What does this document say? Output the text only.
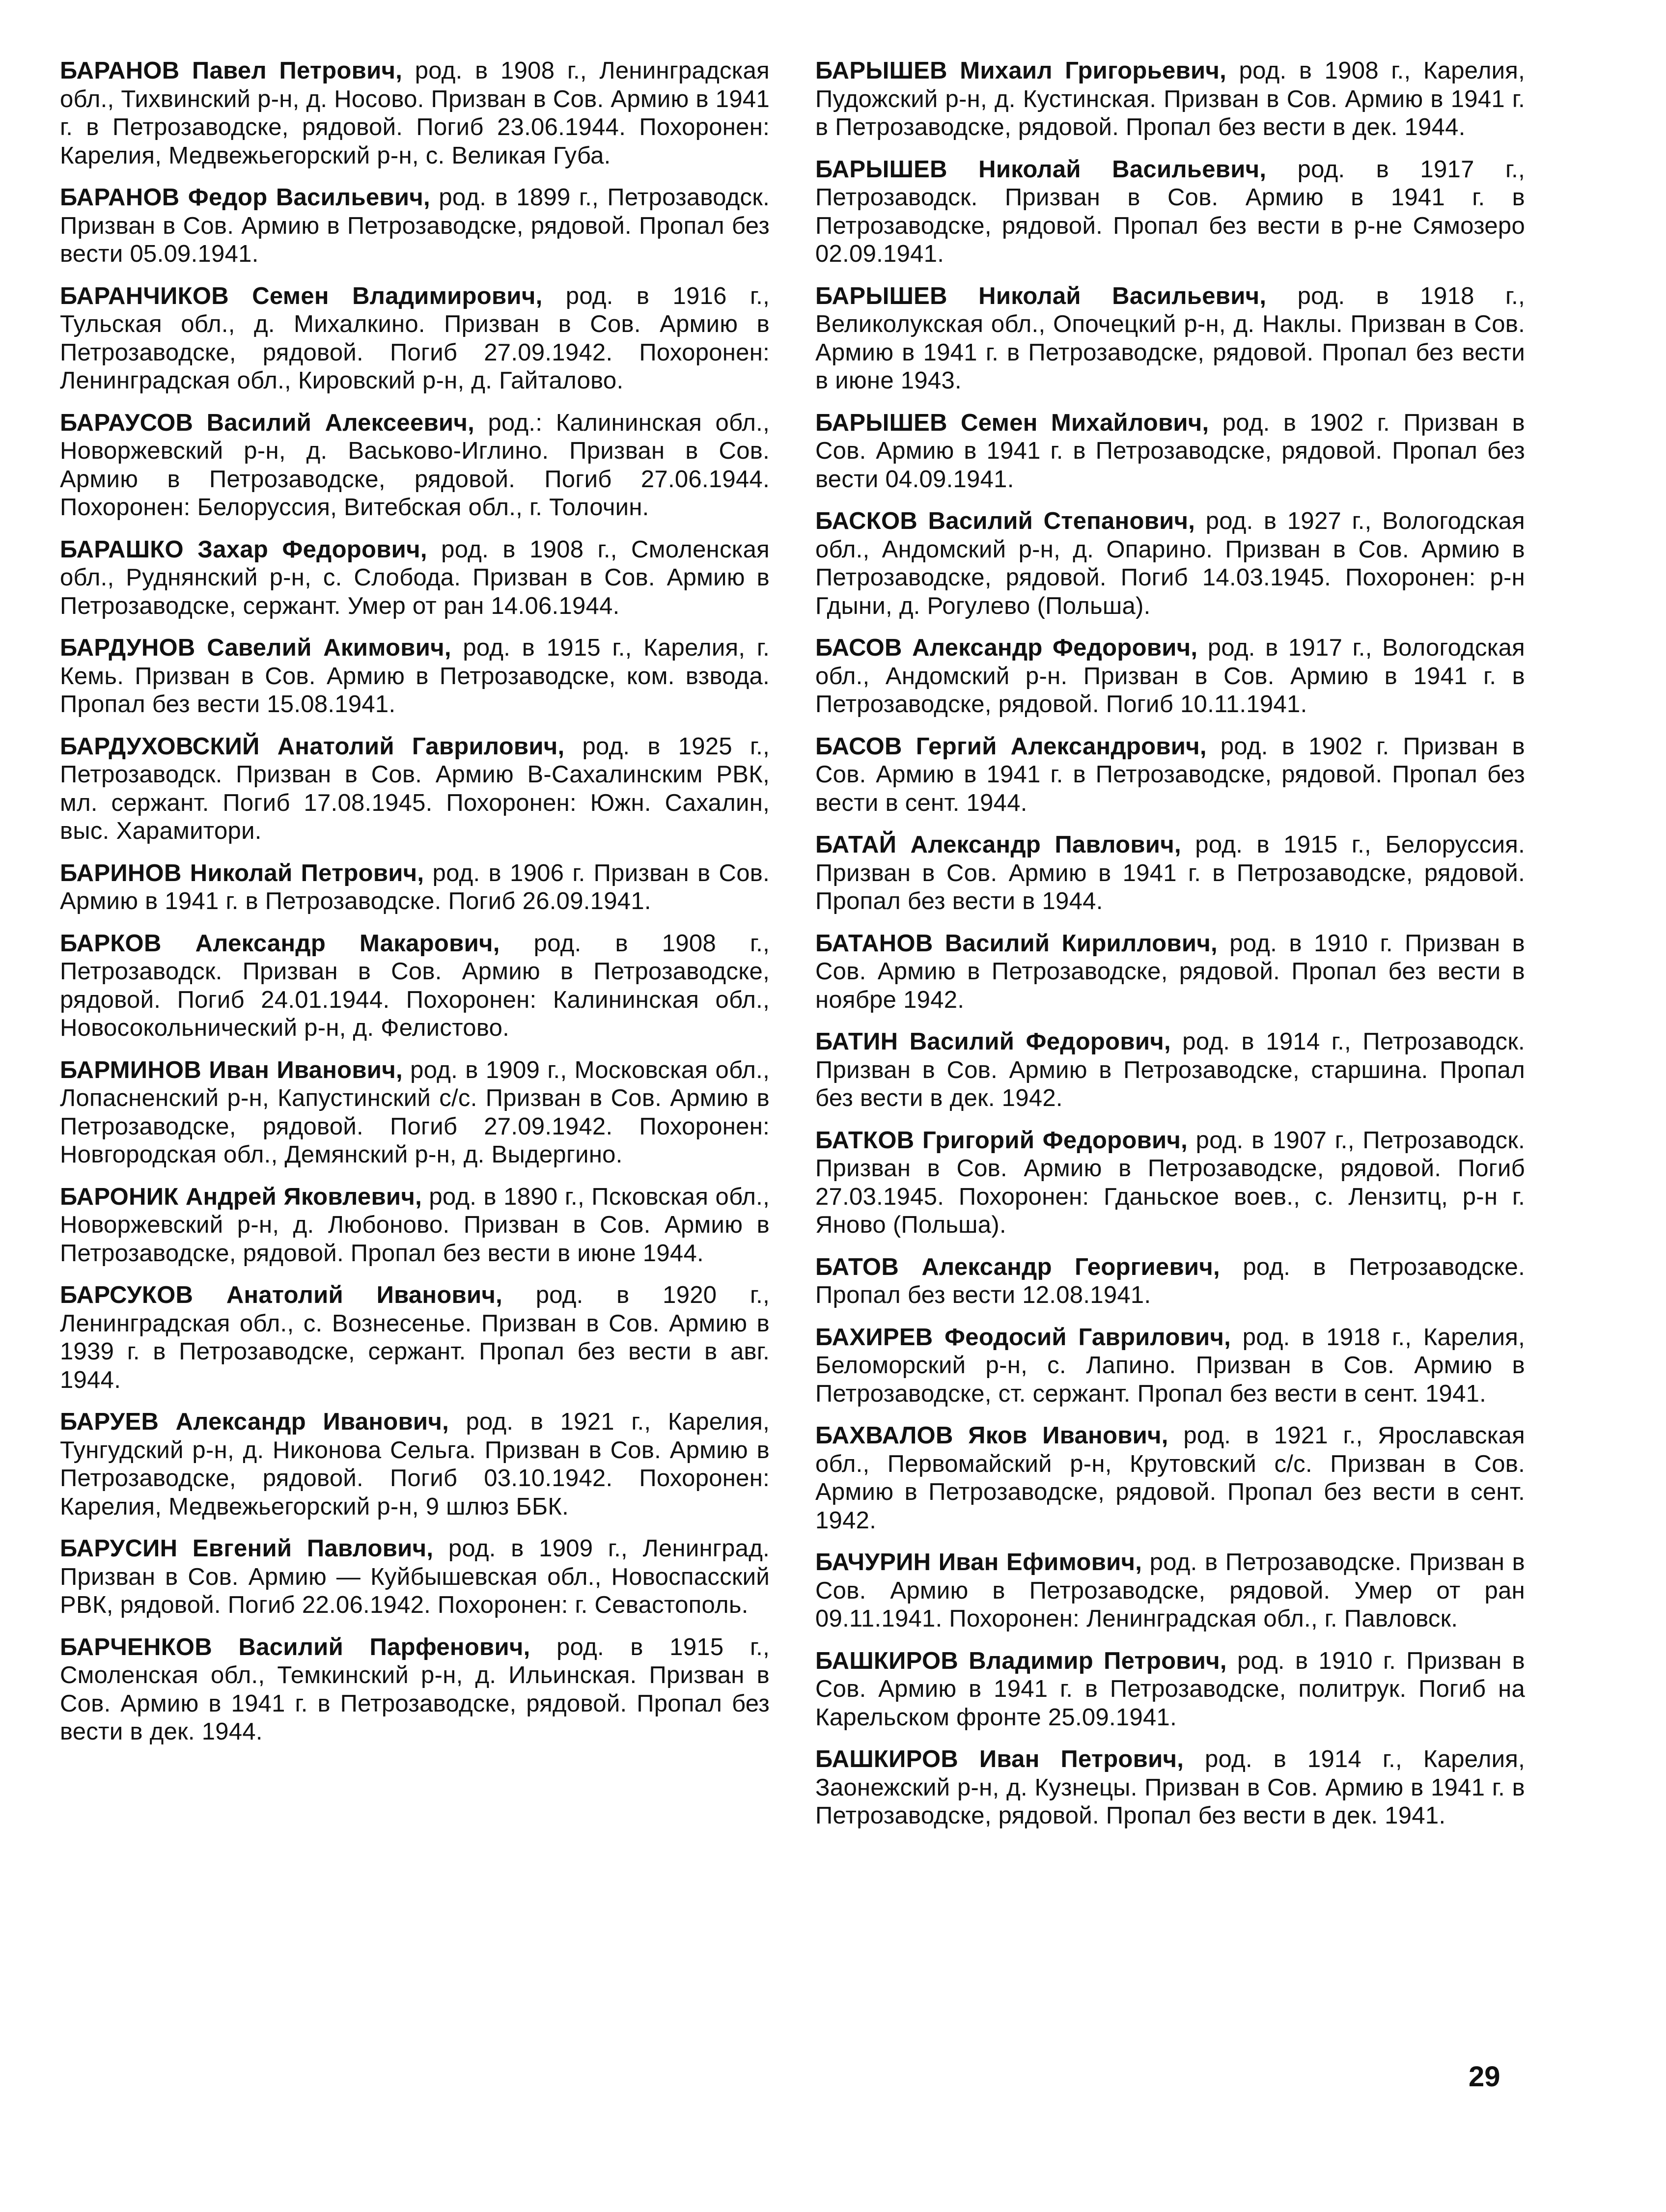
БАРАНОВ Павел Петрович, род. в 1908 г., Ленинградская обл., Тихвинский р-н, д. Носово. Призван в Сов. Армию в 1941 г. в Петрозаводске, рядовой. Погиб 23.06.1944. Похоронен: Карелия, Медвежьегорский р-н, с. Великая Губа.

БАРАНОВ Федор Васильевич, род. в 1899 г., Петрозаводск. Призван в Сов. Армию в Петрозаводске, рядовой. Пропал без вести 05.09.1941.

БАРАНЧИКОВ Семен Владимирович, род. в 1916 г., Тульская обл., д. Михалкино. Призван в Сов. Армию в Петрозаводске, рядовой. Погиб 27.09.1942. Похоронен: Ленинградская обл., Кировский р-н, д. Гайталово.

БАРАУСОВ Василий Алексеевич, род.: Калининская обл., Новоржевский р-н, д. Васьково-Иглино. Призван в Сов. Армию в Петрозаводске, рядовой. Погиб 27.06.1944. Похоронен: Белоруссия, Витебская обл., г. Толочин.

БАРАШКО Захар Федорович, род. в 1908 г., Смоленская обл., Руднянский р-н, с. Слобода. Призван в Сов. Армию в Петрозаводске, сержант. Умер от ран 14.06.1944.

БАРДУНОВ Савелий Акимович, род. в 1915 г., Карелия, г. Кемь. Призван в Сов. Армию в Петрозаводске, ком. взвода. Пропал без вести 15.08.1941.

БАРДУХОВСКИЙ Анатолий Гаврилович, род. в 1925 г., Петрозаводск. Призван в Сов. Армию В-Сахалинским РВК, мл. сержант. Погиб 17.08.1945. Похоронен: Южн. Сахалин, выс. Харамитори.

БАРИНОВ Николай Петрович, род. в 1906 г. Призван в Сов. Армию в 1941 г. в Петрозаводске. Погиб 26.09.1941.

БАРКОВ Александр Макарович, род. в 1908 г., Петрозаводск. Призван в Сов. Армию в Петрозаводске, рядовой. Погиб 24.01.1944. Похоронен: Калининская обл., Новосокольнический р-н, д. Фелистово.

БАРМИНОВ Иван Иванович, род. в 1909 г., Московская обл., Лопасненский р-н, Капустинский с/с. Призван в Сов. Армию в Петрозаводске, рядовой. Погиб 27.09.1942. Похоронен: Новгородская обл., Демянский р-н, д. Выдергино.

БАРОНИК Андрей Яковлевич, род. в 1890 г., Псковская обл., Новоржевский р-н, д. Любоново. Призван в Сов. Армию в Петрозаводске, рядовой. Пропал без вести в июне 1944.

БАРСУКОВ Анатолий Иванович, род. в 1920 г., Ленинградская обл., с. Вознесенье. Призван в Сов. Армию в 1939 г. в Петрозаводске, сержант. Пропал без вести в авг. 1944.

БАРУЕВ Александр Иванович, род. в 1921 г., Карелия, Тунгудский р-н, д. Никонова Сельга. Призван в Сов. Армию в Петрозаводске, рядовой. Погиб 03.10.1942. Похоронен: Карелия, Медвежьегорский р-н, 9 шлюз ББК.

БАРУСИН Евгений Павлович, род. в 1909 г., Ленинград. Призван в Сов. Армию — Куйбышевская обл., Новоспасский РВК, рядовой. Погиб 22.06.1942. Похоронен: г. Севастополь.

БАРЧЕНКОВ Василий Парфенович, род. в 1915 г., Смоленская обл., Темкинский р-н, д. Ильинская. Призван в Сов. Армию в 1941 г. в Петрозаводске, рядовой. Пропал без вести в дек. 1944.

БАРЫШЕВ Михаил Григорьевич, род. в 1908 г., Карелия, Пудожский р-н, д. Кустинская. Призван в Сов. Армию в 1941 г. в Петрозаводске, рядовой. Пропал без вести в дек. 1944.

БАРЫШЕВ Николай Васильевич, род. в 1917 г., Петрозаводск. Призван в Сов. Армию в 1941 г. в Петрозаводске, рядовой. Пропал без вести в р-не Сямозеро 02.09.1941.

БАРЫШЕВ Николай Васильевич, род. в 1918 г., Великолукская обл., Опочецкий р-н, д. Наклы. Призван в Сов. Армию в 1941 г. в Петрозаводске, рядовой. Пропал без вести в июне 1943.

БАРЫШЕВ Семен Михайлович, род. в 1902 г. Призван в Сов. Армию в 1941 г. в Петрозаводске, рядовой. Пропал без вести 04.09.1941.

БАСКОВ Василий Степанович, род. в 1927 г., Вологодская обл., Андомский р-н, д. Опарино. Призван в Сов. Армию в Петрозаводске, рядовой. Погиб 14.03.1945. Похоронен: р-н Гдыни, д. Рогулево (Польша).

БАСОВ Александр Федорович, род. в 1917 г., Вологодская обл., Андомский р-н. Призван в Сов. Армию в 1941 г. в Петрозаводске, рядовой. Погиб 10.11.1941.

БАСОВ Гергий Александрович, род. в 1902 г. Призван в Сов. Армию в 1941 г. в Петрозаводске, рядовой. Пропал без вести в сент. 1944.

БАТАЙ Александр Павлович, род. в 1915 г., Белоруссия. Призван в Сов. Армию в 1941 г. в Петрозаводске, рядовой. Пропал без вести в 1944.

БАТАНОВ Василий Кириллович, род. в 1910 г. Призван в Сов. Армию в Петрозаводске, рядовой. Пропал без вести в ноябре 1942.

БАТИН Василий Федорович, род. в 1914 г., Петрозаводск. Призван в Сов. Армию в Петрозаводске, старшина. Пропал без вести в дек. 1942.

БАТКОВ Григорий Федорович, род. в 1907 г., Петрозаводск. Призван в Сов. Армию в Петрозаводске, рядовой. Погиб 27.03.1945. Похоронен: Гданьское воев., с. Лензитц, р-н г. Яново (Польша).

БАТОВ Александр Георгиевич, род. в Петрозаводске. Пропал без вести 12.08.1941.

БАХИРЕВ Феодосий Гаврилович, род. в 1918 г., Карелия, Беломорский р-н, с. Лапино. Призван в Сов. Армию в Петрозаводске, ст. сержант. Пропал без вести в сент. 1941.

БАХВАЛОВ Яков Иванович, род. в 1921 г., Ярославская обл., Первомайский р-н, Крутовский с/с. Призван в Сов. Армию в Петрозаводске, рядовой. Пропал без вести в сент. 1942.

БАЧУРИН Иван Ефимович, род. в Петрозаводске. Призван в Сов. Армию в Петрозаводске, рядовой. Умер от ран 09.11.1941. Похоронен: Ленинградская обл., г. Павловск.

БАШКИРОВ Владимир Петрович, род. в 1910 г. Призван в Сов. Армию в 1941 г. в Петрозаводске, политрук. Погиб на Карельском фронте 25.09.1941.

БАШКИРОВ Иван Петрович, род. в 1914 г., Карелия, Заонежский р-н, д. Кузнецы. Призван в Сов. Армию в 1941 г. в Петрозаводске, рядовой. Пропал без вести в дек. 1941.

29
